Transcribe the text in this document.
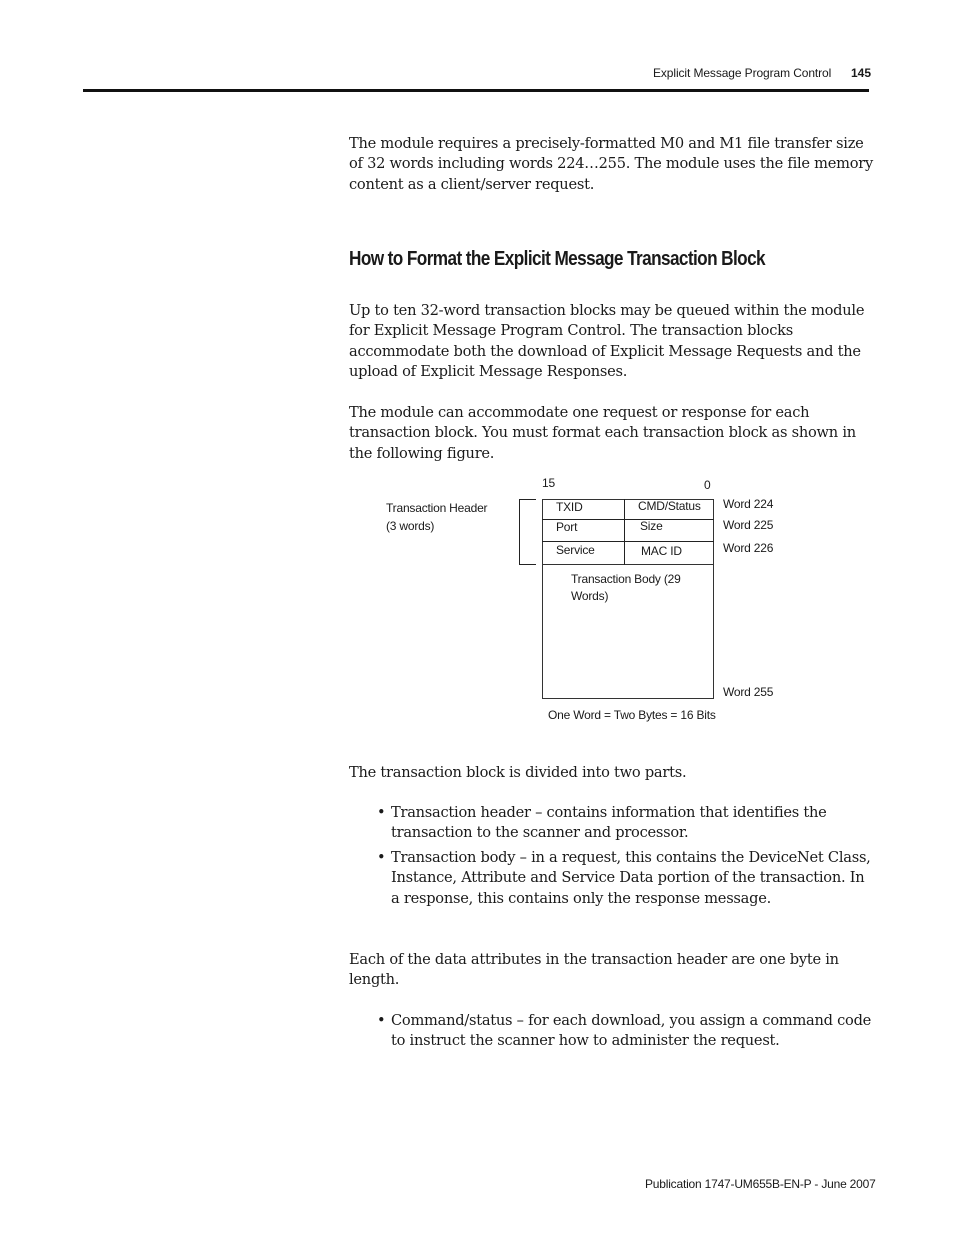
Explicit Message Program Control 145

The module requires a precisely-formatted M0 and M1 file transfer size of 32 words including words 224…255. The module uses the file memory content as a client/server request.

How to Format the Explicit Message Transaction Block

Up to ten 32-word transaction blocks may be queued within the module for Explicit Message Program Control. The transaction blocks accommodate both the download of Explicit Message Requests and the upload of Explicit Message Responses.

The module can accommodate one request or response for each transaction block. You must format each transaction block as shown in the following figure.

15	0
Transaction Header
(3 words)
TXID	CMD/Status
Port	Size
Service	MAC ID
Word 224
Word 225
Word 226
Transaction Body (29
Words)
Word 255
One Word = Two Bytes = 16 Bits

The transaction block is divided into two parts.

• Transaction header – contains information that identifies the transaction to the scanner and processor.
• Transaction body – in a request, this contains the DeviceNet Class, Instance, Attribute and Service Data portion of the transaction. In a response, this contains only the response message.

Each of the data attributes in the transaction header are one byte in length.

• Command/status – for each download, you assign a command code to instruct the scanner how to administer the request.
Publication 1747-UM655B-EN-P - June 2007
